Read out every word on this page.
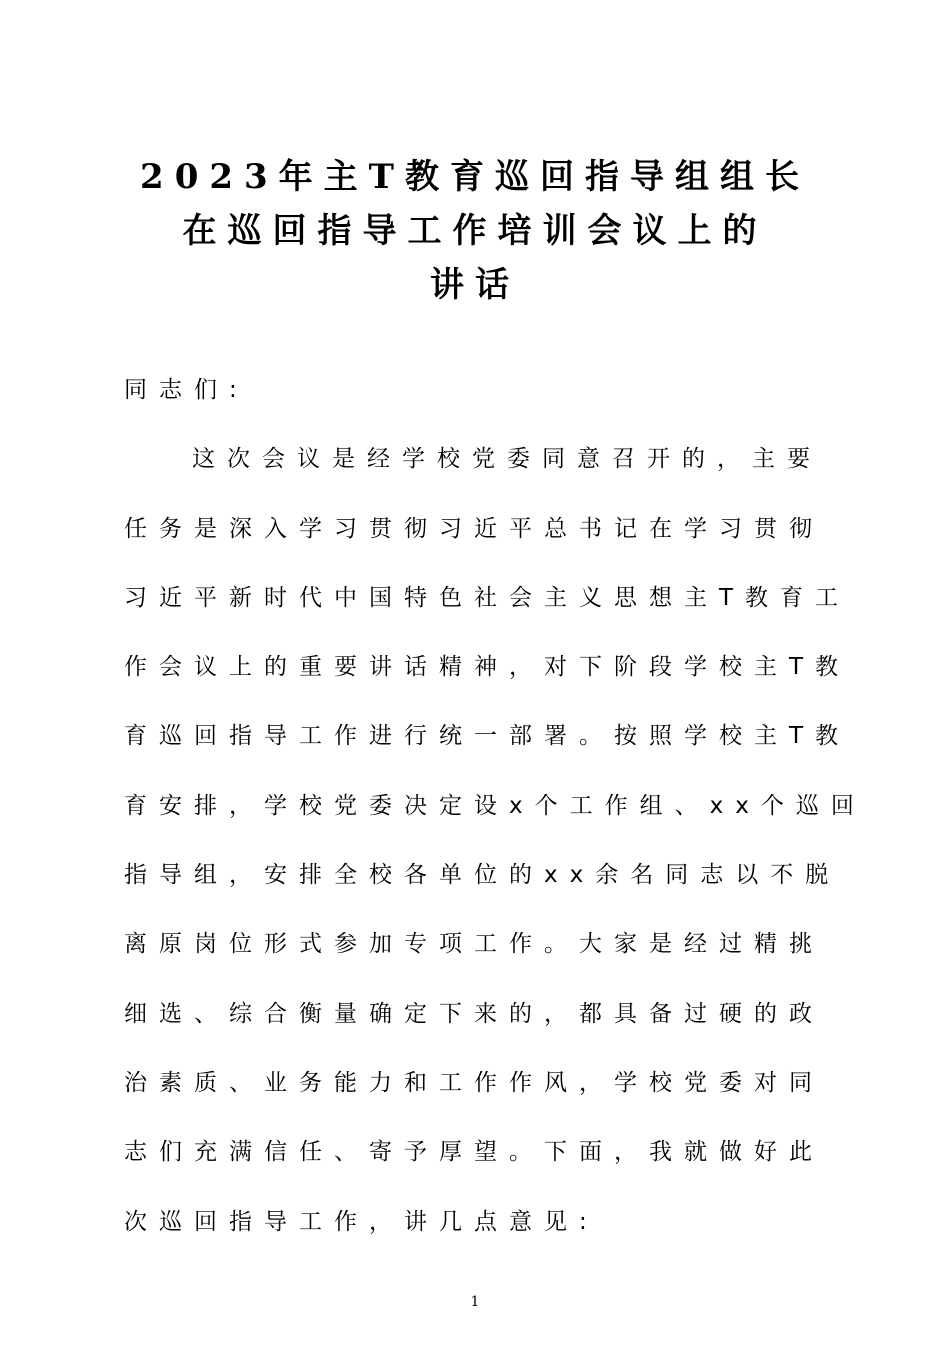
2023年主T教育巡回指导组组长
在巡回指导工作培训会议上的
讲话
同志们:
这次会议是经学校党委同意召开的，主要
任务是深入学习贯彻习近平总书记在学习贯彻
习近平新时代中国特色社会主义思想主T教育工
作会议上的重要讲话精神，对下阶段学校主T教
育巡回指导工作进行统一部署。按照学校主T教
育安排，学校党委决定设x个工作组、xx个巡回
指导组，安排全校各单位的xx余名同志以不脱
离原岗位形式参加专项工作。大家是经过精挑
细选、综合衡量确定下来的，都具备过硬的政
治素质、业务能力和工作作风，学校党委对同
志们充满信任、寄予厚望。下面，我就做好此
次巡回指导工作，讲几点意见:
1
